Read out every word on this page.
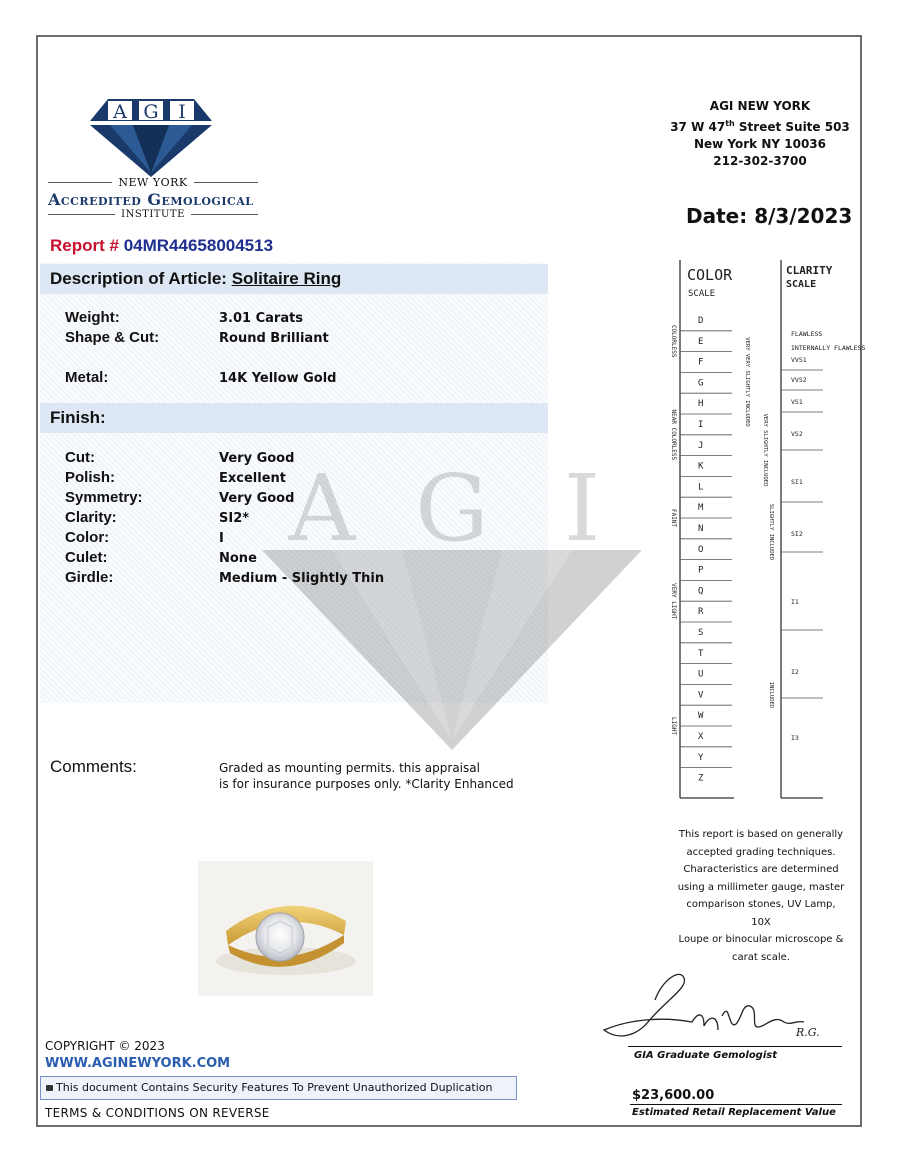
A G I
NEW YORK
Accredited Gemological
INSTITUTE
Report # 04MR44658004513
AGI NEW YORK
37 W 47th Street Suite 503
New York NY 10036
212-302-3700
Date: 8/3/2023
A G I
Description of Article: Solitaire Ring
Weight:	3.01 Carats
Shape & Cut:	Round Brilliant
Metal:	14K Yellow Gold
Finish:
Cut:	Very Good
Polish:	Excellent
Symmetry:	Very Good
Clarity:	SI2*
Color:	I
Culet:	None
Girdle:	Medium - Slightly Thin
Comments:	Graded as mounting permits. this appraisal
is for insurance purposes only. *Clarity Enhanced
COLOR
SCALE
CLARITY
SCALE
D
E
F
G
H
I
J
K
L
M
N
O
P
Q
R
S
T
U
V
W
X
Y
Z
COLORLESS
NEAR COLORLESS
FAINT
VERY LIGHT
LIGHT
FLAWLESS
INTERNALLY FLAWLESS
VVS1
VVS2
VS1
VS2
SI1
SI2
I1
I2
I3
VERY VERY SLIGHTLY INCLUDED
VERY SLIGHTLY INCLUDED
SLIGHTLY INCLUDED
INCLUDED
This report is based on generally
accepted grading techniques.
Characteristics are determined
using a millimeter gauge, master
comparison stones, UV Lamp, 10X
Loupe or binocular microscope &
carat scale.
R.G.
GIA Graduate Gemologist
$23,600.00
Estimated Retail Replacement Value
COPYRIGHT © 2023
WWW.AGINEWYORK.COM
This document Contains Security Features To Prevent Unauthorized Duplication
TERMS & CONDITIONS ON REVERSE
